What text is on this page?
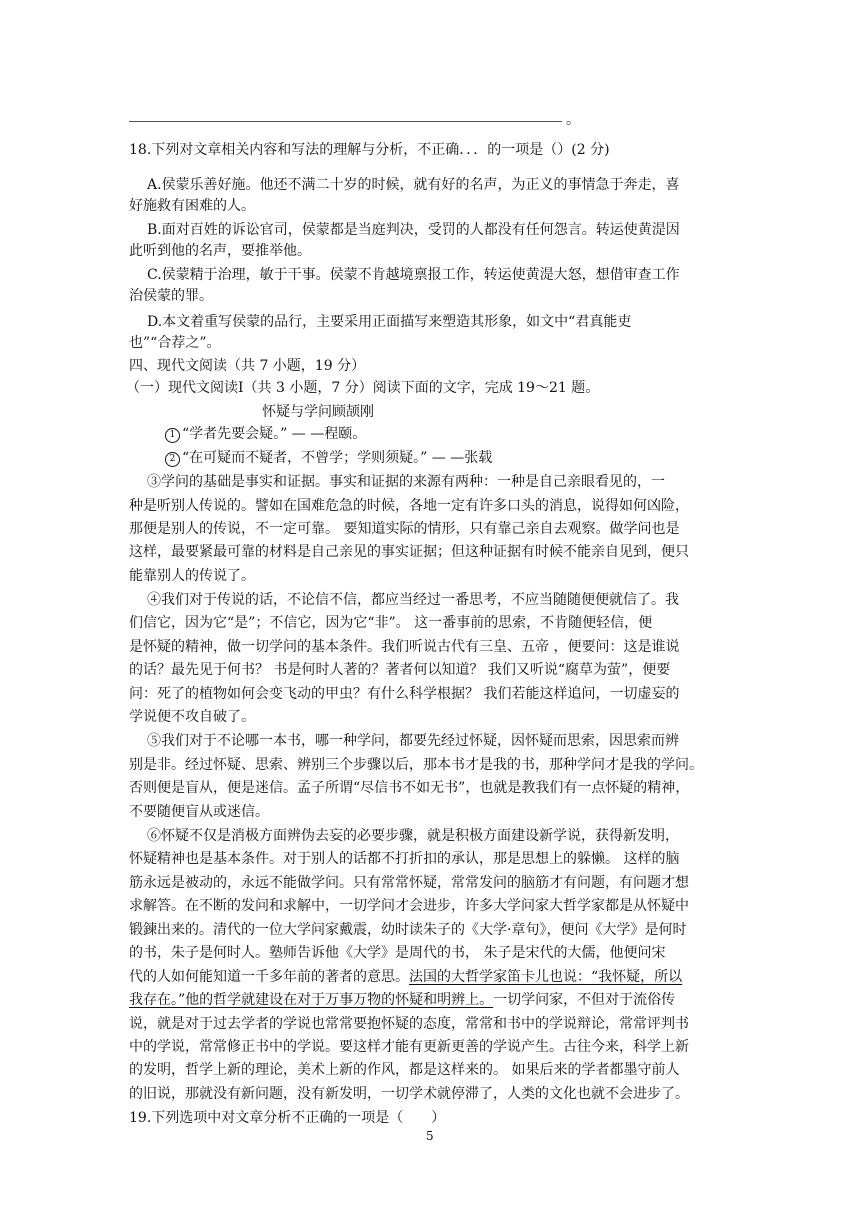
。
18.下列对文章相关内容和写法的理解与分析，不正确．．．的一项是（）(2 分)
A.侯蒙乐善好施。他还不满二十岁的时候，就有好的名声，为正义的事情急于奔走，喜
好施救有困难的人。
B.面对百姓的诉讼官司，侯蒙都是当庭判决，受罚的人都没有任何怨言。转运使黄湜因
此听到他的名声，要推举他。
C.侯蒙精于治理，敏于干事。侯蒙不肯越境禀报工作，转运使黄湜大怒，想借审查工作
治侯蒙的罪。
D.本文着重写侯蒙的品行，主要采用正面描写来塑造其形象，如文中“君真能吏
也”“合荐之”。
四、现代文阅读（共 7 小题，19 分）
（一）现代文阅读Ⅰ（共 3 小题，7 分）阅读下面的文字，完成 19～21 题。
怀疑与学问顾颉刚
1 “学者先要会疑。” — —程颐。
2 “在可疑而不疑者，不曾学；学则须疑。” — —张载
③学问的基础是事实和证据。事实和证据的来源有两种：一种是自己亲眼看见的，一
种是听别人传说的。譬如在国难危急的时候，各地一定有许多口头的消息，说得如何凶险，
那便是别人的传说，不一定可靠。 要知道实际的情形，只有靠己亲自去观察。做学问也是
这样，最要紧最可靠的材料是自己亲见的事实证据；但这种证据有时候不能亲自见到，便只
能靠别人的传说了。
④我们对于传说的话，不论信不信，都应当经过一番思考，不应当随随便便就信了。我
们信它，因为它“是”；不信它，因为它“非”。 这一番事前的思索，不肯随便轻信，便
是怀疑的精神，做一切学问的基本条件。我们听说古代有三皇、五帝 ，便要问：这是谁说
的话？最先见于何书？ 书是何时人著的？著者何以知道？ 我们又听说“腐草为萤”，便要
问：死了的植物如何会变飞动的甲虫？有什么科学根据？ 我们若能这样追问，一切虚妄的
学说便不攻自破了。
⑤我们对于不论哪一本书，哪一种学问，都要先经过怀疑，因怀疑而思索，因思索而辨
别是非。经过怀疑、思索、辨别三个步骤以后，那本书才是我的书，那种学问才是我的学问。
否则便是盲从，便是迷信。孟子所谓“尽信书不如无书”，也就是教我们有一点怀疑的精神，
不要随便盲从或迷信。
⑥怀疑不仅是消极方面辨伪去妄的必要步骤，就是积极方面建设新学说，获得新发明，
怀疑精神也是基本条件。对于别人的话都不打折扣的承认，那是思想上的躲懒。 这样的脑
筋永远是被动的，永远不能做学问。只有常常怀疑，常常发问的脑筋才有问题，有问题才想
求解答。在不断的发问和求解中，一切学问才会进步，许多大学问家大哲学家都是从怀疑中
锻鍊出来的。清代的一位大学问家戴震，幼时读朱子的《大学·章句》，便问《大学》是何时
的书，朱子是何时人。塾师告诉他《大学》是周代的书， 朱子是宋代的大儒，他便问宋
代的人如何能知道一千多年前的著者的意思。法国的大哲学家笛卡儿也说：“我怀疑，所以
我存在。”他的哲学就建设在对于万事万物的怀疑和明辨上。一切学问家，不但对于流俗传
说，就是对于过去学者的学说也常常要抱怀疑的态度，常常和书中的学说辩论，常常评判书
中的学说，常常修正书中的学说。要这样才能有更新更善的学说产生。古往今来，科学上新
的发明，哲学上新的理论，美术上新的作风，都是这样来的。 如果后来的学者都墨守前人
的旧说，那就没有新问题，没有新发明，一切学术就停滞了，人类的文化也就不会进步了。
19.下列选项中对文章分析不正确的一项是（　　）
5
